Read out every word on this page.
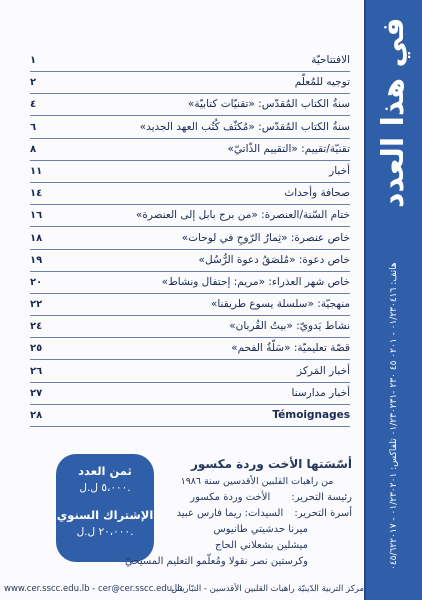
في هذا العدد
هاتف: ٠١/٢٣٠٤١٦ - ٠٢٠١ ٤٥ ٢٣٠ -٠١/٢٣٠٢٣١ تلفاكس: ٠١/٢٣٠٢٠١ - ٠٤٥/٦٢٢٠١٧
١	الافتتاحيّة
٢	توجيه للمُعلّم
٤	سنةُ الكتاب المُقدّس: «تقنيّات كتابيّة»
٦	سنةُ الكتاب المُقدّس: «مُكثّف كُتُب العهد الجديد»
٨	تقنيّة/تقييم: «التقييم الذّاتيّ»
١١	أخبار
١٤	صحافة وأحداث
١٦	ختام السّنة/العنصرة: «من برج بابل إلى العنصرة»
١٨	خاص عنصرة: «ثِمارُ الرّوحِ في لوحات»
١٩	خاص دعوة: «مُلصَقُ دعوة الرُّسُل»
٢٠	خاص شهر العذراء: «مريم: إحتفال ونشاط»
٢٢	منهجيّة: «سلسلة يسوع طريقنا»
٢٤	نشاط يَدويّ: «بيتُ القُربان»
٢٥	قصّة تعليميّة: «سَلّةُ الفحم»
٢٦	أخبار المَركز
٢٧	أخبار مدارسنا
٢٨	Témoignages
ثمن العدد
٥،٠٠٠ ل.ل.
الإشتراك السنوي
٢٠،٠٠٠ ل.ل.
أسّسَتها الأخت وردة مكسور
من راهبات القلبين الأقدسين سنة ١٩٨٦
رئيسة التحرير: الأخت وردة مكسور
أسرة التحرير: السيدات: ريما فارس عبيد
ميرنا حدشيتي طانيوس
ميشلين بشعلاني الحاج
وكرستين نصر نقولا ومُعلّمو التعليم المسيحيّ
www.cer.sscc.edu.lb - cer@cer.sscc.edu.lb
مركز التربية الدّينيّة راهبات القلبين الأقدسين - التبّاريس
